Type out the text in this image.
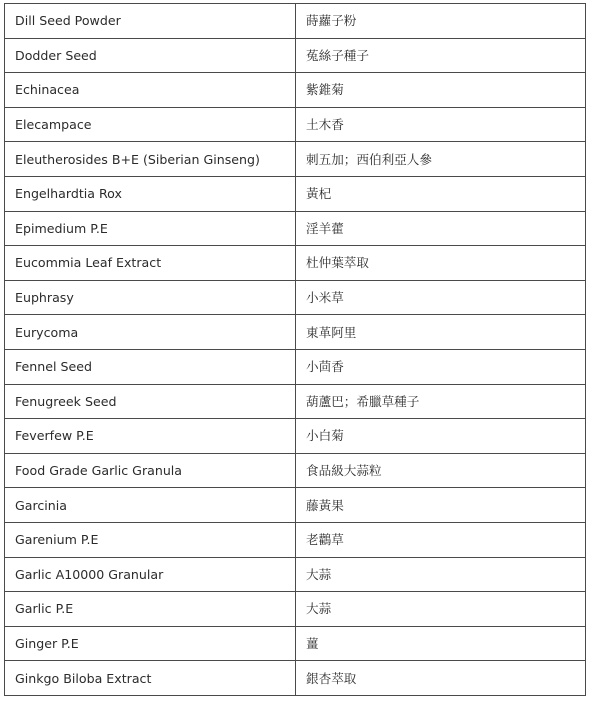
Dill Seed Powder	蒔蘿子粉
Dodder Seed	菟絲子種子
Echinacea	紫錐菊
Elecampace	土木香
Eleutherosides B+E (Siberian Ginseng)	刺五加；西伯利亞人參
Engelhardtia Rox	黃杞
Epimedium P.E	淫羊藿
Eucommia Leaf Extract	杜仲葉萃取
Euphrasy	小米草
Eurycoma	東革阿里
Fennel Seed	小茴香
Fenugreek Seed	葫蘆巴；希臘草種子
Feverfew P.E	小白菊
Food Grade Garlic Granula	食品級大蒜粒
Garcinia	藤黃果
Garenium P.E	老鸛草
Garlic A10000 Granular	大蒜
Garlic P.E	大蒜
Ginger P.E	薑
Ginkgo Biloba Extract	銀杏萃取
